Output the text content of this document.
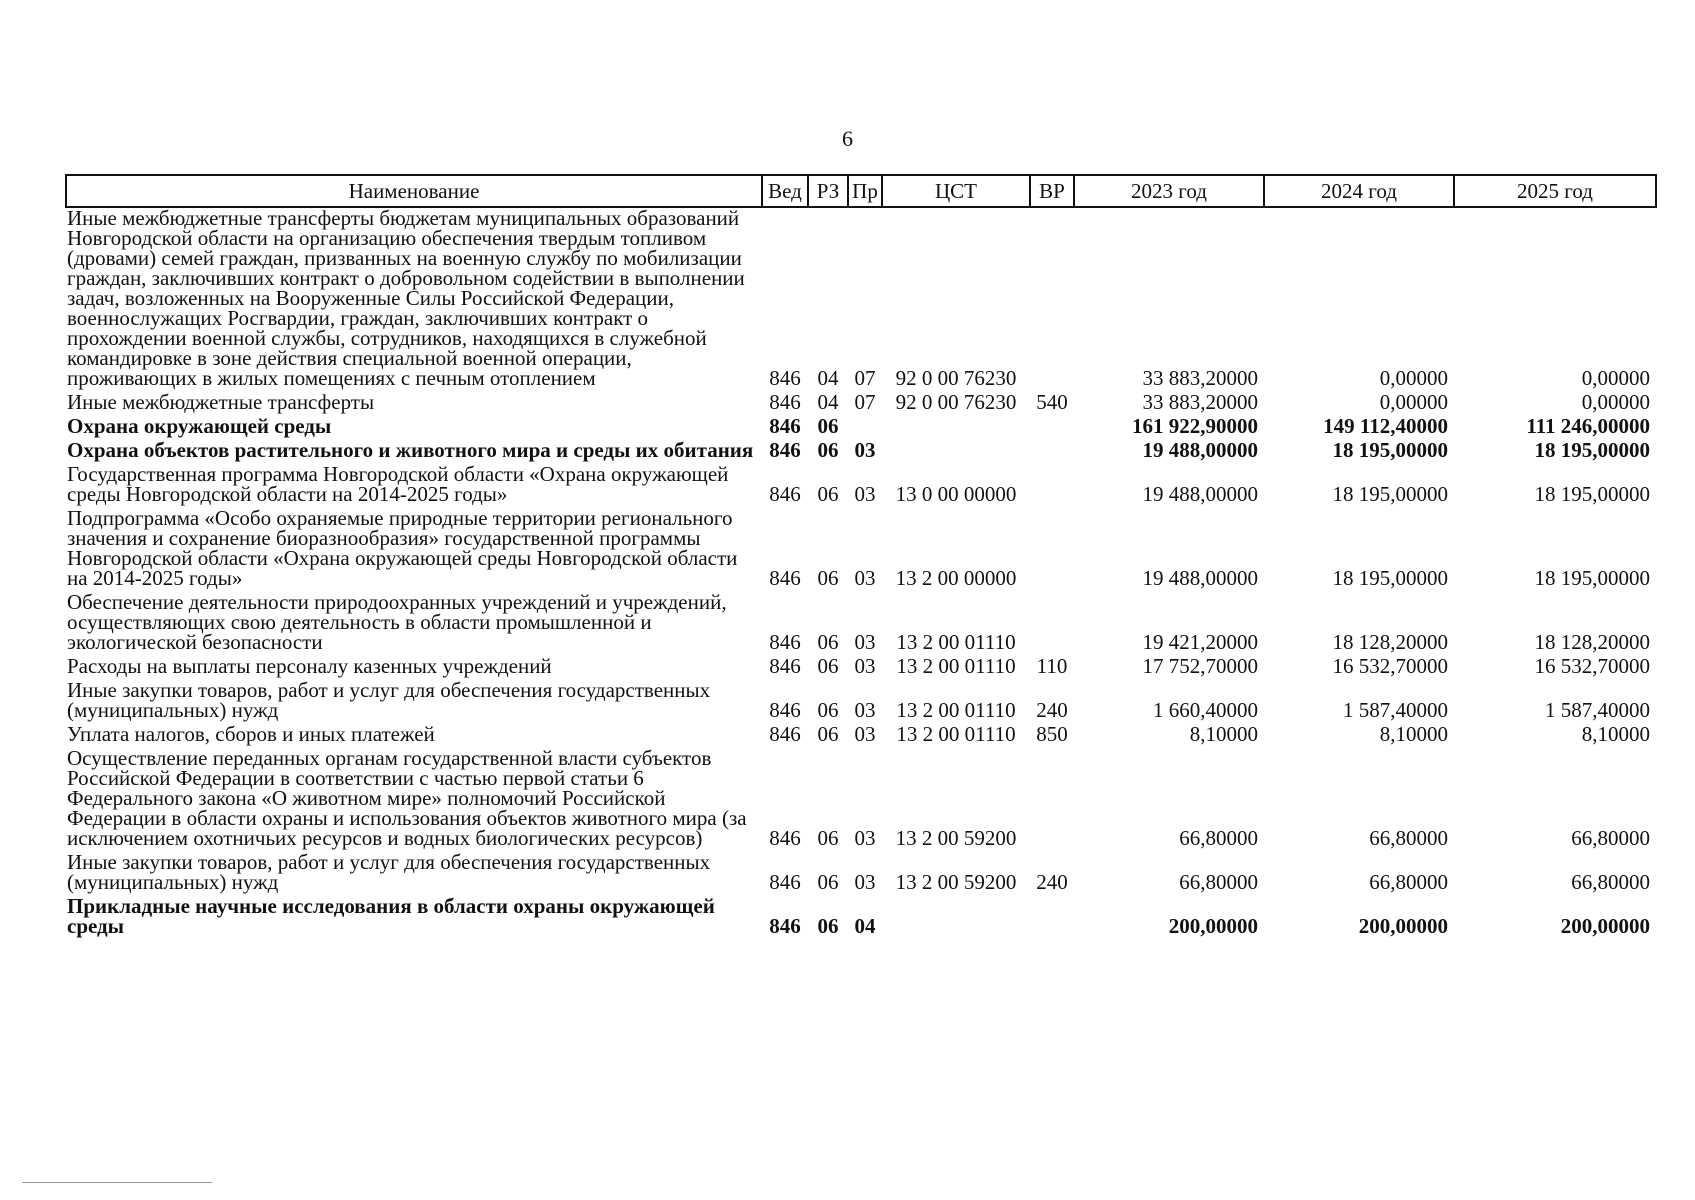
6
Наименование	Вед	РЗ	Пр	ЦСТ	ВР	2023 год	2024 год	2025 год
Иные межбюджетные трансферты бюджетам муниципальных образований Новгородской области на организацию обеспечения твердым топливом (дровами) семей граждан, призванных на военную службу по мобилизации граждан, заключивших контракт о добровольном содействии в выполнении задач, возложенных на Вооруженные Силы Российской Федерации, военнослужащих Росгвардии, граждан, заключивших контракт о прохождении военной службы, сотрудников, находящихся в служебной командировке в зоне действия специальной военной операции, проживающих в жилых помещениях с печным отоплением	846	04	07	92 0 00 76230		33 883,20000	0,00000	0,00000
Иные межбюджетные трансферты	846	04	07	92 0 00 76230	540	33 883,20000	0,00000	0,00000
Охрана окружающей среды	846	06				161 922,90000	149 112,40000	111 246,00000
Охрана объектов растительного и животного мира и среды их обитания	846	06	03			19 488,00000	18 195,00000	18 195,00000
Государственная программа Новгородской области «Охрана окружающей среды Новгородской области на 2014-2025 годы»	846	06	03	13 0 00 00000		19 488,00000	18 195,00000	18 195,00000
Подпрограмма «Особо охраняемые природные территории регионального значения и сохранение биоразнообразия» государственной программы Новгородской области «Охрана окружающей среды Новгородской области на 2014-2025 годы»	846	06	03	13 2 00 00000		19 488,00000	18 195,00000	18 195,00000
Обеспечение деятельности природоохранных учреждений и учреждений, осуществляющих свою деятельность в области промышленной и экологической безопасности	846	06	03	13 2 00 01110		19 421,20000	18 128,20000	18 128,20000
Расходы на выплаты персоналу казенных учреждений	846	06	03	13 2 00 01110	110	17 752,70000	16 532,70000	16 532,70000
Иные закупки товаров, работ и услуг для обеспечения государственных (муниципальных) нужд	846	06	03	13 2 00 01110	240	1 660,40000	1 587,40000	1 587,40000
Уплата налогов, сборов и иных платежей	846	06	03	13 2 00 01110	850	8,10000	8,10000	8,10000
Осуществление переданных органам государственной власти субъектов Российской Федерации в соответствии с частью первой статьи 6 Федерального закона «О животном мире» полномочий Российской Федерации в области охраны и использования объектов животного мира (за исключением охотничьих ресурсов и водных биологических ресурсов)	846	06	03	13 2 00 59200		66,80000	66,80000	66,80000
Иные закупки товаров, работ и услуг для обеспечения государственных (муниципальных) нужд	846	06	03	13 2 00 59200	240	66,80000	66,80000	66,80000
Прикладные научные исследования в области охраны окружающей среды	846	06	04			200,00000	200,00000	200,00000
